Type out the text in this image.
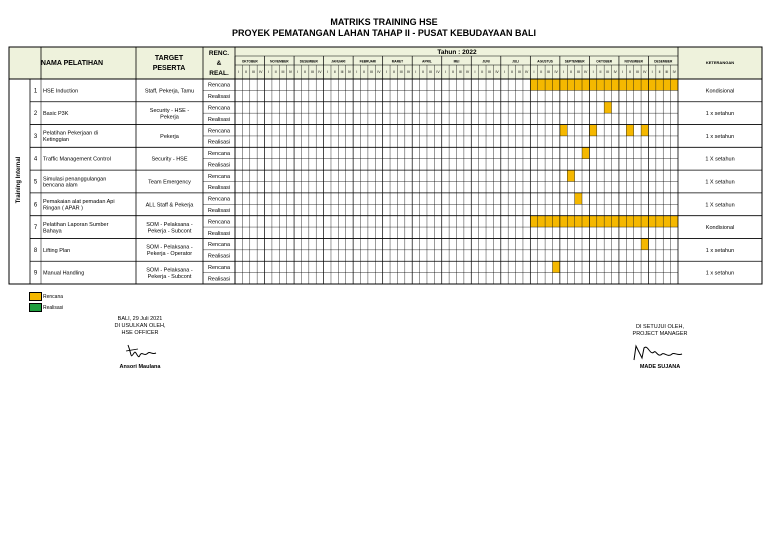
MATRIKS TRAINING HSE
PROYEK PEMATANGAN LAHAN TAHAP II - PUSAT KEBUDAYAAN BALI
NAMA PELATIHAN
TARGET
PESERTA
RENC.
&
REAL.
Tahun : 2022
KETERANGAN
Training Internal
OKTOBER
I II III IV
NOVEMBER
I II III IV
DESEMBER
I II III IV
JANUARI
I II III IV
FEBRUARI
I II III IV
MARET
I II III IV
APRIL
I II III IV
MEI
I II III IV
JUNI
I II III IV
JULI
I II III IV
AGUSTUS
I II III IV
SEPTEMBER
I II III IV
OKTOBER
I II III IV
NOVEMBER
I II III IV
DESEMBER
I II III IV
1 HSE Induction	Staff, Pekerja, Tamu
Rencana
Realisasi
Kondisional
2 Basic P3K
Security - HSE -
Pekerja
Rencana
Realisasi
1 x setahun
3
Pelatihan Pekerjaan di
Ketinggian
Pekerja
Rencana
Realisasi
1 x setahun
4 Traffic Management Control	Security - HSE
Rencana
Realisasi
1 X setahun
5
Simulasi penanggulangan
bencana alam
Team Emergency
Rencana
Realisasi
1 X setahun
6
Pemakaian alat pemadan Api
Ringan ( APAR )
ALL Staff & Pekerja
Rencana
Realisasi
1 X setahun
7
Pelatihan Laporan Sumber
Bahaya
SOM - Pelaksana -
Pekerja - Subcont
Rencana
Realisasi
Kondisional
8 Lifting Plan
SOM - Pelaksana -
Pekerja - Operator
Rencana
Realisasi
1 x setahun
9 Manual Handling
SOM - Pelaksana -
Pekerja - Subcont
Rencana
Realisasi
1 x setahun
Rencana
Realisasi
BALI, 29 Juli 2021
DI USULKAN OLEH,
HSE OFFICER
Ansori Maulana
DI SETUJUI OLEH,
PROJECT MANAGER
MADE SUJANA
